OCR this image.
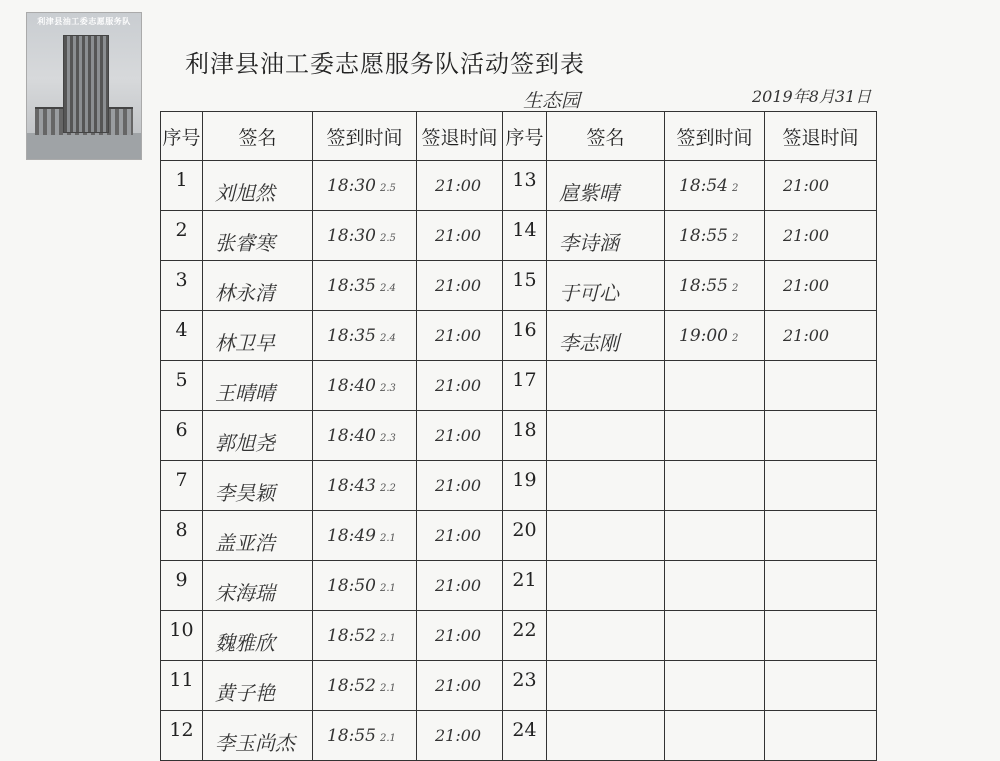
利津县油工委志愿服务队
利津县油工委志愿服务队活动签到表
生态园	2019年8月31日
序号	签名	签到时间	签退时间	序号	签名	签到时间	签退时间
1	刘旭然	18:30 2.5	21:00	13	扈紫晴	18:54 2	21:00
2	张睿寒	18:30 2.5	21:00	14	李诗涵	18:55 2	21:00
3	林永清	18:35 2.4	21:00	15	于可心	18:55 2	21:00
4	林卫早	18:35 2.4	21:00	16	李志刚	19:00 2	21:00
5	王晴晴	18:40 2.3	21:00	17			
6	郭旭尧	18:40 2.3	21:00	18			
7	李昊颖	18:43 2.2	21:00	19			
8	盖亚浩	18:49 2.1	21:00	20			
9	宋海瑞	18:50 2.1	21:00	21			
10	魏雅欣	18:52 2.1	21:00	22			
11	黄子艳	18:52 2.1	21:00	23			
12	李玉尚杰	18:55 2.1	21:00	24			
